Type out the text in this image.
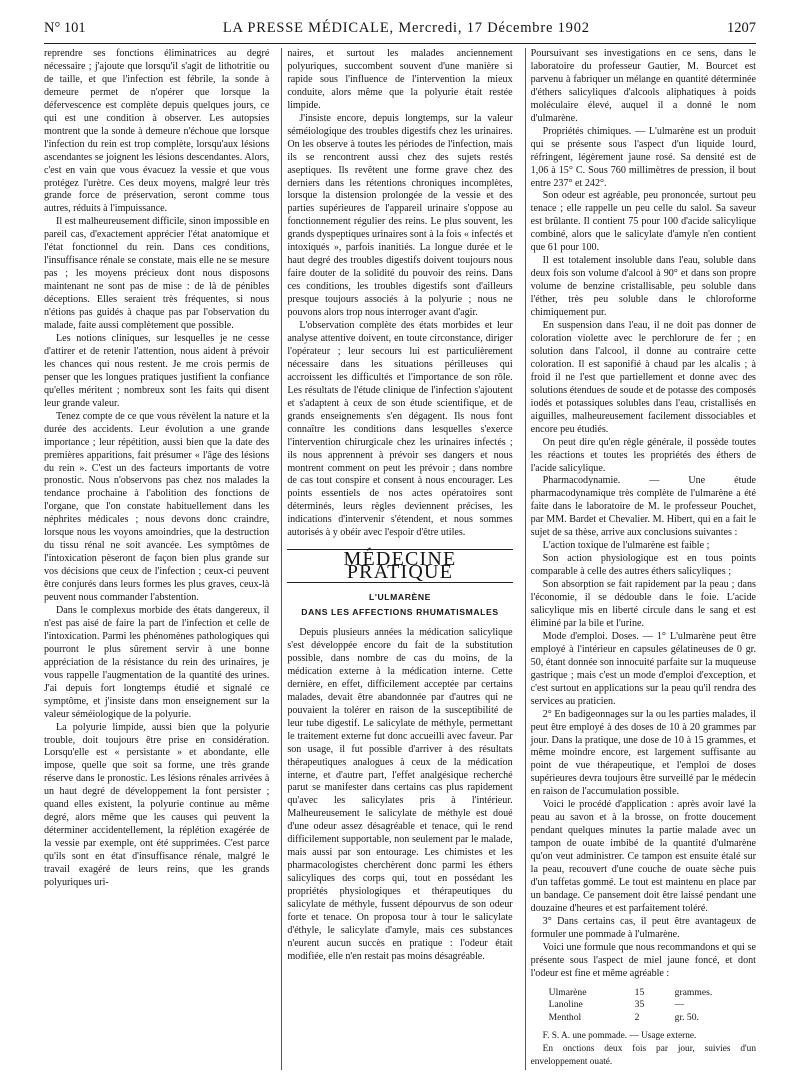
N° 101	LA PRESSE MÉDICALE, Mercredi, 17 Décembre 1902	1207

reprendre ses fonctions éliminatrices au degré nécessaire ; j'ajoute que lorsqu'il s'agit de lithotritie ou de taille, et que l'infection est fébrile, la sonde à demeure permet de n'opérer que lorsque la défervescence est complète depuis quelques jours, ce qui est une condition à observer. Les autopsies montrent que la sonde à demeure n'échoue que lorsque l'infection du rein est trop complète, lorsqu'aux lésions ascendantes se joignent les lésions descendantes. Alors, c'est en vain que vous évacuez la vessie et que vous protégez l'urètre. Ces deux moyens, malgré leur très grande force de préservation, seront comme tous autres, réduits à l'impuissance.

Il est malheureusement difficile, sinon impossible en pareil cas, d'exactement apprécier l'état anatomique et l'état fonctionnel du rein. Dans ces conditions, l'insuffisance rénale se constate, mais elle ne se mesure pas ; les moyens précieux dont nous disposons maintenant ne sont pas de mise : de là de pénibles déceptions. Elles seraient très fréquentes, si nous n'étions pas guidés à chaque pas par l'observation du malade, faite aussi complètement que possible.

Les notions cliniques, sur lesquelles je ne cesse d'attirer et de retenir l'attention, nous aident à prévoir les chances qui nous restent. Je me crois permis de penser que les longues pratiques justifient la confiance qu'elles méritent ; nombreux sont les faits qui disent leur grande valeur.

Tenez compte de ce que vous révèlent la nature et la durée des accidents. Leur évolution a une grande importance ; leur répétition, aussi bien que la date des premières apparitions, fait présumer « l'âge des lésions du rein ». C'est un des facteurs importants de votre pronostic. Nous n'observons pas chez nos malades la tendance prochaine à l'abolition des fonctions de l'organe, que l'on constate habituellement dans les néphrites médicales ; nous devons donc craindre, lorsque nous les voyons amoindries, que la destruction du tissu rénal ne soit avancée. Les symptômes de l'intoxication pèseront de façon bien plus grande sur vos décisions que ceux de l'infection ; ceux-ci peuvent être conjurés dans leurs formes les plus graves, ceux-là peuvent nous commander l'abstention.

Dans le complexus morbide des états dangereux, il n'est pas aisé de faire la part de l'infection et celle de l'intoxication. Parmi les phénomènes pathologiques qui pourront le plus sûrement servir à une bonne appréciation de la résistance du rein des urinaires, je vous rappelle l'augmentation de la quantité des urines. J'ai depuis fort longtemps étudié et signalé ce symptôme, et j'insiste dans mon enseignement sur la valeur séméiologique de la polyurie.

La polyurie limpide, aussi bien que la polyurie trouble, doit toujours être prise en considération. Lorsqu'elle est « persistante » et abondante, elle impose, quelle que soit sa forme, une très grande réserve dans le pronostic. Les lésions rénales arrivées à un haut degré de développement la font persister ; quand elles existent, la polyurie continue au même degré, alors même que les causes qui peuvent la déterminer accidentellement, la réplétion exagérée de la vessie par exemple, ont été supprimées. C'est parce qu'ils sont en état d'insuffisance rénale, malgré le travail exagéré de leurs reins, que les grands polyuriques uri-

naires, et surtout les malades anciennement polyuriques, succombent souvent d'une manière si rapide sous l'influence de l'intervention la mieux conduite, alors même que la polyurie était restée limpide.

J'insiste encore, depuis longtemps, sur la valeur séméiologique des troubles digestifs chez les urinaires. On les observe à toutes les périodes de l'infection, mais ils se rencontrent aussi chez des sujets restés aseptiques. Ils revêtent une forme grave chez des derniers dans les rétentions chroniques incomplètes, lorsque la distension prolongée de la vessie et des parties supérieures de l'appareil urinaire s'oppose au fonctionnement régulier des reins. Le plus souvent, les grands dyspeptiques urinaires sont à la fois « infectés et intoxiqués », parfois inanitiés. La longue durée et le haut degré des troubles digestifs doivent toujours nous faire douter de la solidité du pouvoir des reins. Dans ces conditions, les troubles digestifs sont d'ailleurs presque toujours associés à la polyurie ; nous ne pouvons alors trop nous interroger avant d'agir.

L'observation complète des états morbides et leur analyse attentive doivent, en toute circonstance, diriger l'opérateur ; leur secours lui est particulièrement nécessaire dans les situations périlleuses qui accroissent les difficultés et l'importance de son rôle. Les résultats de l'étude clinique de l'infection s'ajoutent et s'adaptent à ceux de son étude scientifique, et de grands enseignements s'en dégagent. Ils nous font connaître les conditions dans lesquelles s'exerce l'intervention chirurgicale chez les urinaires infectés ; ils nous apprennent à prévoir ses dangers et nous montrent comment on peut les prévoir ; dans nombre de cas tout conspire et consent à nous encourager. Les points essentiels de nos actes opératoires sont déterminés, leurs règles deviennent précises, les indications d'intervenir s'étendent, et nous sommes autorisés à y obéir avec l'espoir d'être utiles.

MÉDECINE PRATIQUE
L'ULMARÈNE
DANS LES AFFECTIONS RHUMATISMALES

Depuis plusieurs années la médication salicylique s'est développée encore du fait de la substitution possible, dans nombre de cas du moins, de la médication externe à la médication interne. Cette dernière, en effet, difficilement acceptée par certains malades, devait être abandonnée par d'autres qui ne pouvaient la tolérer en raison de la susceptibilité de leur tube digestif. Le salicylate de méthyle, permettant le traitement externe fut donc accueilli avec faveur. Par son usage, il fut possible d'arriver à des résultats thérapeutiques analogues à ceux de la médication interne, et d'autre part, l'effet analgésique recherché parut se manifester dans certains cas plus rapidement qu'avec les salicylates pris à l'intérieur. Malheureusement le salicylate de méthyle est doué d'une odeur assez désagréable et tenace, qui le rend difficilement supportable, non seulement par le malade, mais aussi par son entourage. Les chimistes et les pharmacologistes cherchèrent donc parmi les éthers salicyliques des corps qui, tout en possédant les propriétés physiologiques et thérapeutiques du salicylate de méthyle, fussent dépourvus de son odeur forte et tenace. On proposa tour à tour le salicylate d'éthyle, le salicylate d'amyle, mais ces substances n'eurent aucun succès en pratique : l'odeur était modifiée, elle n'en restait pas moins désagréable.

Poursuivant ses investigations en ce sens, dans le laboratoire du professeur Gautier, M. Bourcet est parvenu à fabriquer un mélange en quantité déterminée d'éthers salicyliques d'alcools aliphatiques à poids moléculaire élevé, auquel il a donné le nom d'ulmarène.

Propriétés chimiques. — L'ulmarène est un produit qui se présente sous l'aspect d'un liquide lourd, réfringent, légèrement jaune rosé. Sa densité est de 1,06 à 15° C. Sous 760 millimètres de pression, il bout entre 237° et 242°.

Son odeur est agréable, peu prononcée, surtout peu tenace ; elle rappelle un peu celle du salol. Sa saveur est brûlante. Il contient 75 pour 100 d'acide salicylique combiné, alors que le salicylate d'amyle n'en contient que 61 pour 100.

Il est totalement insoluble dans l'eau, soluble dans deux fois son volume d'alcool à 90° et dans son propre volume de benzine cristallisable, peu soluble dans l'éther, très peu soluble dans le chloroforme chimiquement pur.

En suspension dans l'eau, il ne doit pas donner de coloration violette avec le perchlorure de fer ; en solution dans l'alcool, il donne au contraire cette coloration. Il est saponifié à chaud par les alcalis ; à froid il ne l'est que partiellement et donne avec des solutions étendues de soude et de potasse des composés iodés et potassiques solubles dans l'eau, cristallisés en aiguilles, malheureusement facilement dissociables et encore peu étudiés.

On peut dire qu'en règle générale, il possède toutes les réactions et toutes les propriétés des éthers de l'acide salicylique.

Pharmacodynamie. — Une étude pharmacodynamique très complète de l'ulmarène a été faite dans le laboratoire de M. le professeur Pouchet, par MM. Bardet et Chevalier. M. Hibert, qui en a fait le sujet de sa thèse, arrive aux conclusions suivantes :

L'action toxique de l'ulmarène est faible ;

Son action physiologique est en tous points comparable à celle des autres éthers salicyliques ;

Son absorption se fait rapidement par la peau ; dans l'économie, il se dédouble dans le foie. L'acide salicylique mis en liberté circule dans le sang et est éliminé par la bile et l'urine.

Mode d'emploi. Doses. — 1° L'ulmarène peut être employé à l'intérieur en capsules gélatineuses de 0 gr. 50, étant donnée son innocuité parfaite sur la muqueuse gastrique ; mais c'est un mode d'emploi d'exception, et c'est surtout en applications sur la peau qu'il rendra des services au praticien.

2° En badigeonnages sur la ou les parties malades, il peut être employé à des doses de 10 à 20 grammes par jour. Dans la pratique, une dose de 10 à 15 grammes, et même moindre encore, est largement suffisante au point de vue thérapeutique, et l'emploi de doses supérieures devra toujours être surveillé par le médecin en raison de l'accumulation possible.

Voici le procédé d'application : après avoir lavé la peau au savon et à la brosse, on frotte doucement pendant quelques minutes la partie malade avec un tampon de ouate imbibé de la quantité d'ulmarène qu'on veut administrer. Ce tampon est ensuite étalé sur la peau, recouvert d'une couche de ouate sèche puis d'un taffetas gommé. Le tout est maintenu en place par un bandage. Ce pansement doit être laissé pendant une douzaine d'heures et est parfaitement toléré.

3° Dans certains cas, il peut être avantageux de formuler une pommade à l'ulmarène.

Voici une formule que nous recommandons et qui se présente sous l'aspect de miel jaune foncé, et dont l'odeur est fine et même agréable :

Ulmarène	15	grammes.
Lanoline	35	—
Menthol	2	gr. 50.

F. S. A. une pommade. — Usage externe.

En onctions deux fois par jour, suivies d'un enveloppement ouaté.
